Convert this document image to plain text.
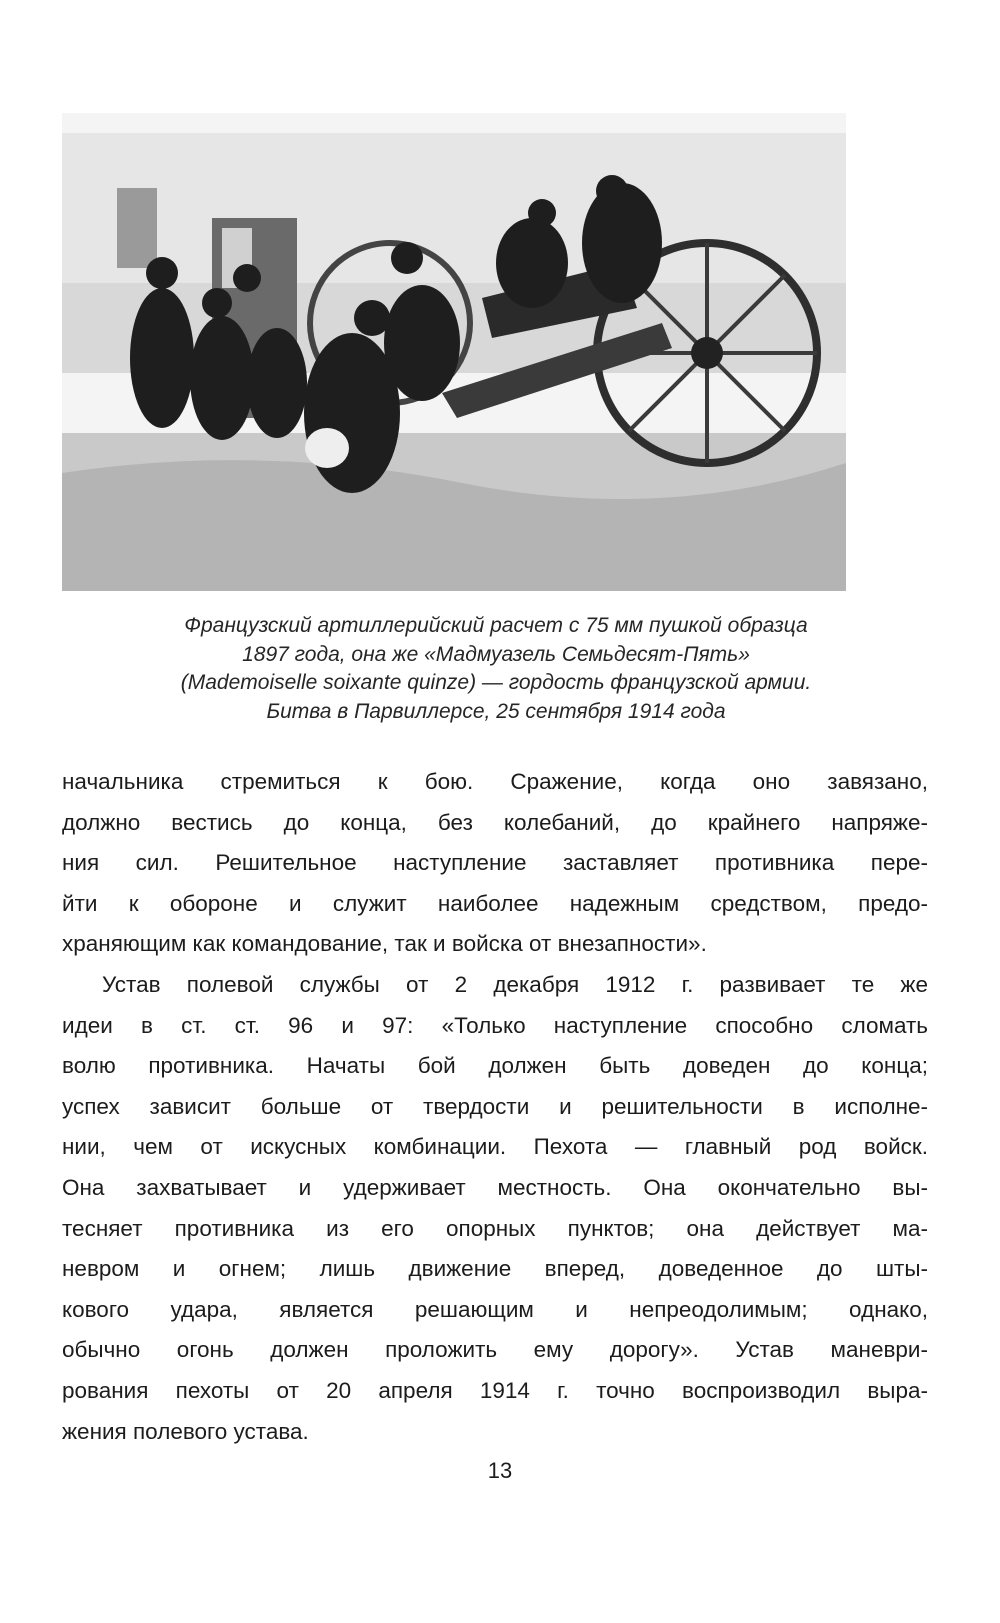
Французский артиллерийский расчет с 75 мм пушкой образца
1897 года, она же «Мадмуазель Семьдесят-Пять»
(Mademoiselle soixante quinze) — гордость французской армии.
Битва в Парвиллерсе, 25 сентября 1914 года
начальника стремиться к бою. Сражение, когда оно завязано,
должно вестись до конца, без колебаний, до крайнего напряже-
ния сил. Решительное наступление заставляет противника пере-
йти к обороне и служит наиболее надежным средством, предо-
храняющим как командование, так и войска от внезапности».
Устав полевой службы от 2 декабря 1912 г. развивает те же
идеи в ст. ст. 96 и 97: «Только наступление способно сломать
волю противника. Начаты бой должен быть доведен до конца;
успех зависит больше от твердости и решительности в исполне-
нии, чем от искусных комбинации. Пехота — главный род войск.
Она захватывает и удерживает местность. Она окончательно вы-
тесняет противника из его опорных пунктов; она действует ма-
невром и огнем; лишь движение вперед, доведенное до шты-
кового удара, является решающим и непреодолимым; однако,
обычно огонь должен проложить ему дорогу». Устав маневри-
рования пехоты от 20 апреля 1914 г. точно воспроизводил выра-
жения полевого устава.
13
